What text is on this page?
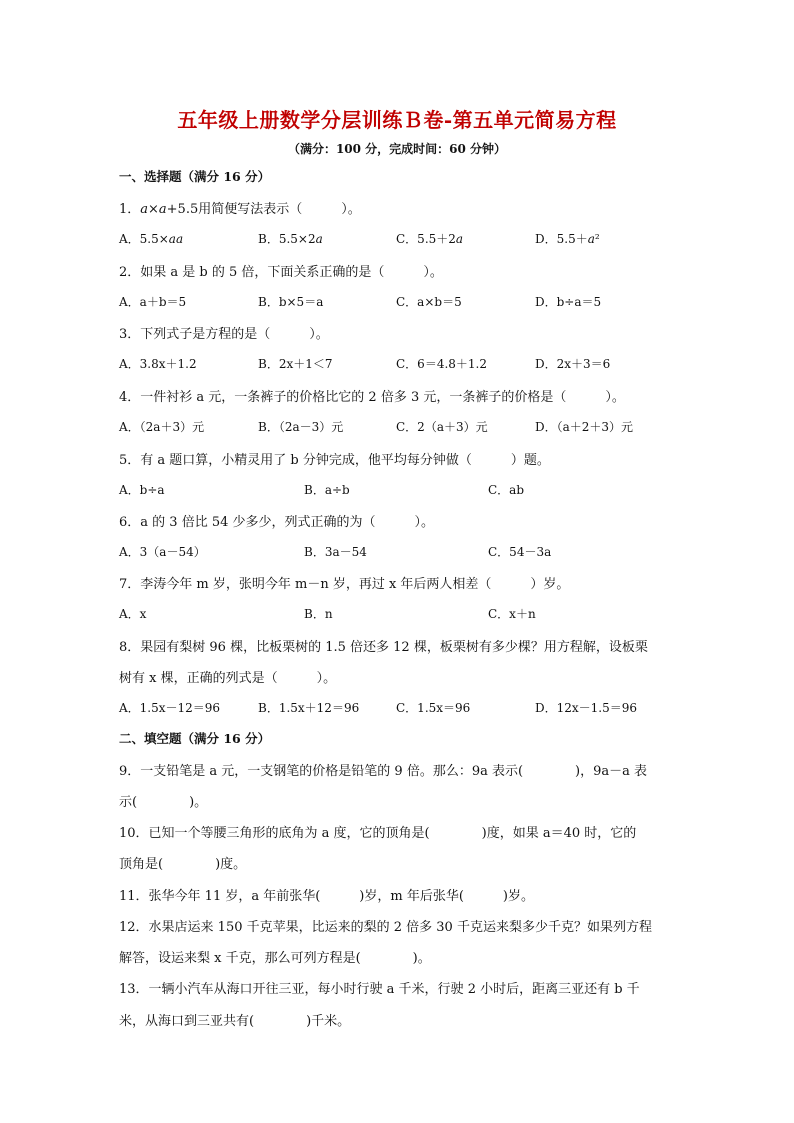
五年级上册数学分层训练Ｂ卷-第五单元简易方程
（满分：100 分，完成时间：60 分钟）
一、选择题（满分 16 分）
1．𝑎×𝑎+5.5用简便写法表示（　　　）。
A．5.5×𝑎𝑎	B．5.5×2𝑎	C．5.5＋2𝑎	D．5.5＋𝑎²
2．如果 a 是 b 的 5 倍，下面关系正确的是（　　　）。
A．a＋b＝5	B．b×5＝a	C．a×b＝5	D．b÷a＝5
3．下列式子是方程的是（　　　）。
A．3.8x＋1.2	B．2x＋1＜7	C．6＝4.8＋1.2	D．2x＋3＝6
4．一件衬衫 a 元，一条裤子的价格比它的 2 倍多 3 元，一条裤子的价格是（　　　）。
A．（2a＋3）元	B．（2a－3）元	C．2（a＋3）元	D．（a＋2＋3）元
5．有 a 题口算，小精灵用了 b 分钟完成，他平均每分钟做（　　　）题。
A．b÷a	B．a÷b	C．ab
6．a 的 3 倍比 54 少多少，列式正确的为（　　　）。
A．3（a－54）	B．3a－54	C．54－3a
7．李涛今年 m 岁，张明今年 m－n 岁，再过 x 年后两人相差（　　　）岁。
A．x	B．n	C．x＋n
8．果园有梨树 96 棵，比板栗树的 1.5 倍还多 12 棵，板栗树有多少棵？用方程解，设板栗
树有 x 棵，正确的列式是（　　　）。
A．1.5x－12＝96	B．1.5x＋12＝96	C．1.5x＝96	D．12x－1.5＝96
二、填空题（满分 16 分）
9．一支铅笔是 a 元，一支钢笔的价格是铅笔的 9 倍。那么：9a 表示(　　　　)，9a－a 表
示(　　　　)。
10．已知一个等腰三角形的底角为 a 度，它的顶角是(　　　　)度，如果 a＝40 时，它的
顶角是(　　　　)度。
11．张华今年 11 岁，a 年前张华(　　　)岁，m 年后张华(　　　)岁。
12．水果店运来 150 千克苹果，比运来的梨的 2 倍多 30 千克运来梨多少千克？如果列方程
解答，设运来梨 x 千克，那么可列方程是(　　　　)。
13．一辆小汽车从海口开往三亚，每小时行驶 a 千米，行驶 2 小时后，距离三亚还有 b 千
米，从海口到三亚共有(　　　　)千米。
